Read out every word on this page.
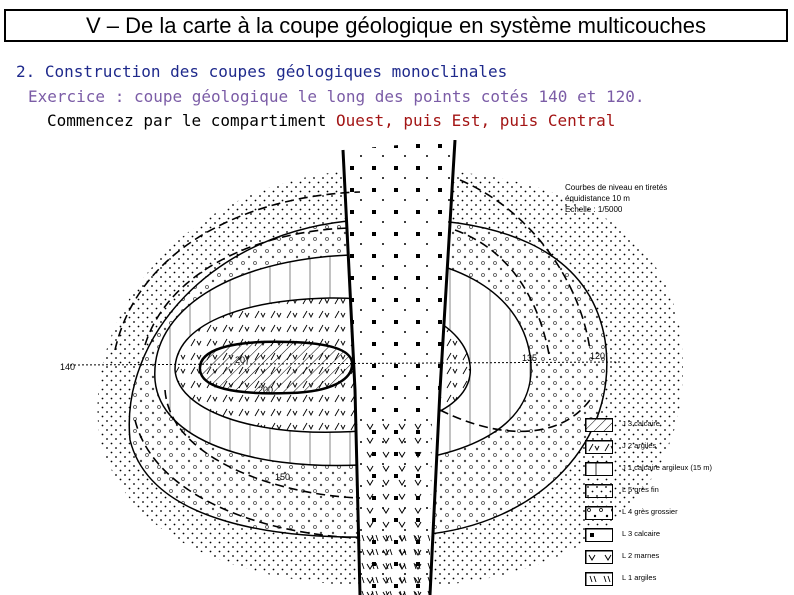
V – De la carte à la coupe géologique en système multicouches
2. Construction des coupes géologiques monoclinales
Exercice : coupe géologique le long des points cotés 140 et 120.
Commencez par le compartiment Ouest, puis Est, puis Central
140
120
207
200
150
135
Courbes de niveau en tiretés
équidistance 10 m
Echelle : 1/5000
J 3 calcaire
J 2 argiles
J 1 calcaire argileux (15 m)
L 5 grès fin
L 4 grès grossier
L 3 calcaire
L 2 marnes
L 1 argiles
